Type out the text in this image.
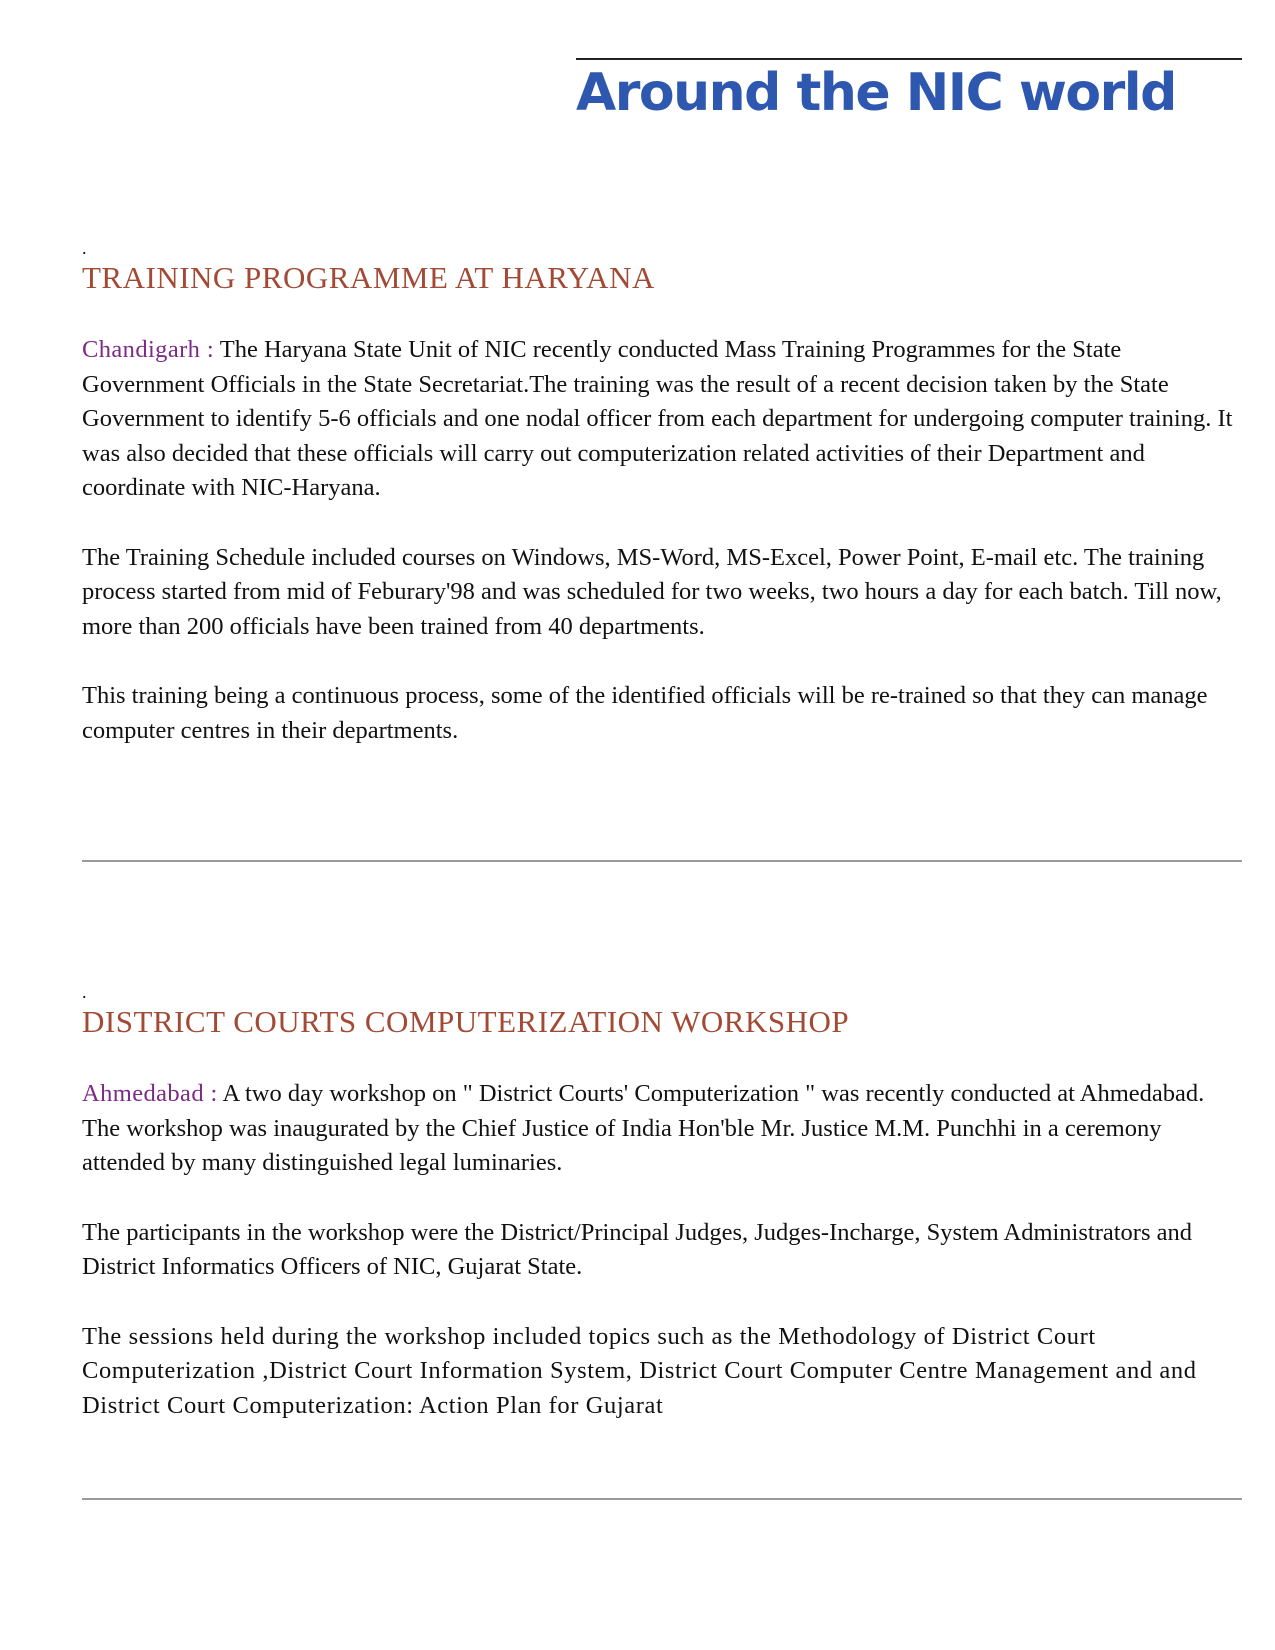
Around the NIC world
.
TRAINING PROGRAMME AT HARYANA

Chandigarh : The Haryana State Unit of NIC recently conducted Mass Training Programmes for the State Government Officials in the State Secretariat.The training was the result of a recent decision taken by the State Government to identify 5-6 officials and one nodal officer from each department for undergoing computer training. It was also decided that these officials will carry out computerization related activities of their Department and coordinate with NIC-Haryana.

The Training Schedule included courses on Windows, MS-Word, MS-Excel, Power Point, E-mail etc. The training process started from mid of Feburary'98 and was scheduled for two weeks, two hours a day for each batch. Till now, more than 200 officials have been trained from 40 departments.

This training being a continuous process, some of the identified officials will be re-trained so that they can manage computer centres in their departments.

.
DISTRICT COURTS COMPUTERIZATION WORKSHOP

Ahmedabad : A two day workshop on " District Courts' Computerization " was recently conducted at Ahmedabad. The workshop was inaugurated by the Chief Justice of India Hon'ble Mr. Justice M.M. Punchhi in a ceremony attended by many distinguished legal luminaries.

The participants in the workshop were the District/Principal Judges, Judges-Incharge, System Administrators and District Informatics Officers of NIC, Gujarat State.

The sessions held during the workshop included topics such as the Methodology of District Court Computerization ,District Court Information System, District Court Computer Centre Management and and District Court Computerization: Action Plan for Gujarat
